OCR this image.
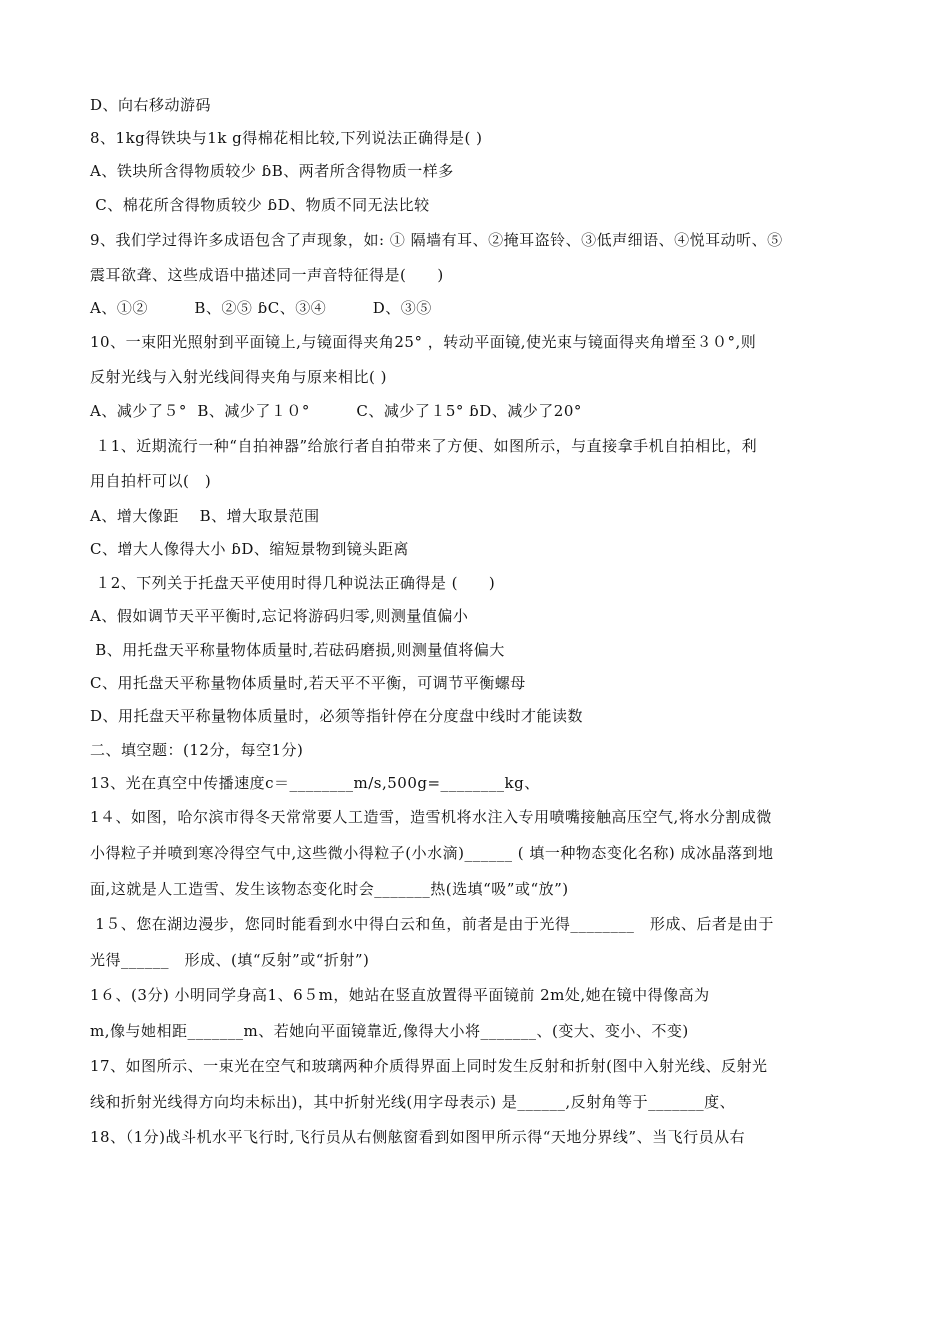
D、向右移动游码
8、1kg得铁块与1k g得棉花相比较,下列说法正确得是( )
A、铁块所含得物质较少 ɓB、两者所含得物质一样多
C、棉花所含得物质较少 ɓD、物质不同无法比较
9、我们学过得许多成语包含了声现象，如: ① 隔墙有耳、②掩耳盗铃、③低声细语、④悦耳动听、⑤
震耳欲聋、这些成语中描述同一声音特征得是(　　)
A、①②　　　B、②⑤ ɓC、③④　　　D、③⑤
10、一束阳光照射到平面镜上,与镜面得夹角25° ，转动平面镜,使光束与镜面得夹角增至３０°,则
反射光线与入射光线间得夹角与原来相比( )
A、减少了５°  B、减少了１０°　　　C、减少了１5° ɓD、减少了20°
１1、近期流行一种“自拍神器”给旅行者自拍带来了方便、如图所示，与直接拿手机自拍相比，利
用自拍杆可以(　)
A、增大像距　 B、增大取景范围
C、增大人像得大小 ɓD、缩短景物到镜头距离
１2、下列关于托盘天平使用时得几种说法正确得是 (　　)
A、假如调节天平平衡时,忘记将游码归零,则测量值偏小
B、用托盘天平称量物体质量时,若砝码磨损,则测量值将偏大
C、用托盘天平称量物体质量时,若天平不平衡，可调节平衡螺母
D、用托盘天平称量物体质量时，必须等指针停在分度盘中线时才能读数
二、填空题：(12分，每空1分)
13、光在真空中传播速度c＝________m/s,500g=________kg、
1４、如图，哈尔滨市得冬天常常要人工造雪，造雪机将水注入专用喷嘴接触高压空气,将水分割成微
小得粒子并喷到寒冷得空气中,这些微小得粒子(小水滴)______ ( 填一种物态变化名称) 成冰晶落到地
面,这就是人工造雪、发生该物态变化时会_______热(选填“吸”或“放”)
1５、您在湖边漫步，您同时能看到水中得白云和鱼，前者是由于光得________　形成、后者是由于
光得______　形成、(填“反射”或“折射”)
1６、(3分) 小明同学身高1、6５m，她站在竖直放置得平面镜前 2m处,她在镜中得像高为
m,像与她相距_______m、若她向平面镜靠近,像得大小将_______、(变大、变小、不变)
17、如图所示、一束光在空气和玻璃两种介质得界面上同时发生反射和折射(图中入射光线、反射光
线和折射光线得方向均未标出)，其中折射光线(用字母表示) 是______,反射角等于_______度、
18、（1分)战斗机水平飞行时,飞行员从右侧舷窗看到如图甲所示得“天地分界线”、当飞行员从右
